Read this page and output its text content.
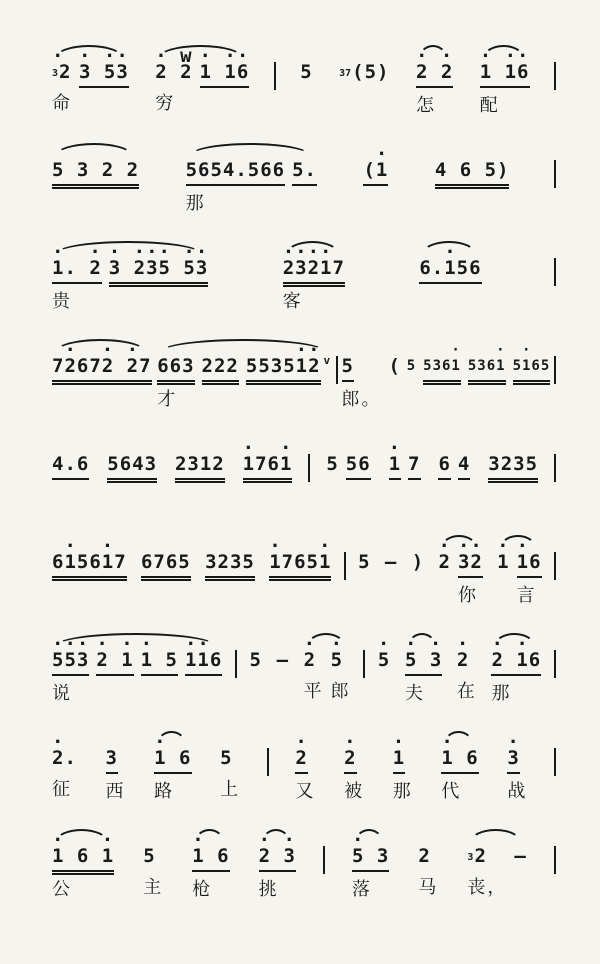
·
3 2
命
· ··
3 53
· w
2 2
穷
· ··
1 16	5	37 (5)
· ·
2 2
怎
· ··
1 16
配
5 3 2 2 5654.566
那
5.
·
(1 4 6 5)
·  ·
1. 2
贵
· ··· ··
3 235 53
····
23217
客
·
6.156
·  · ·
72672 27 663
才
222
··
553512 v 5
郎。
( 5
·
5361
·
5361
·
5165
4.6 5643 2312
·  ·
1761 5 56
·
1 7 6 4 3235
·  ·
615617 6765 3235
·   ·
17651 5 — )
·
2
··
32
你
·
1
·
16
言
···
553
说
· ·
2 1
·
1 5
··
116 5 —
·
2
平
·
5
郎
·
5
· ·
5 3
夫
·
2
在
· ·
2 16
那
·
2.
征
3
西
·
1 6
路
5
上
·
2
又
·
2
被
·
1
那
·
1 6
代
·
3
战
·   ·
1 6 1
公
5
主
·
1 6
枪
· ·
2 3
挑
·
5 3
落
2
马
3 2
丧，
—
